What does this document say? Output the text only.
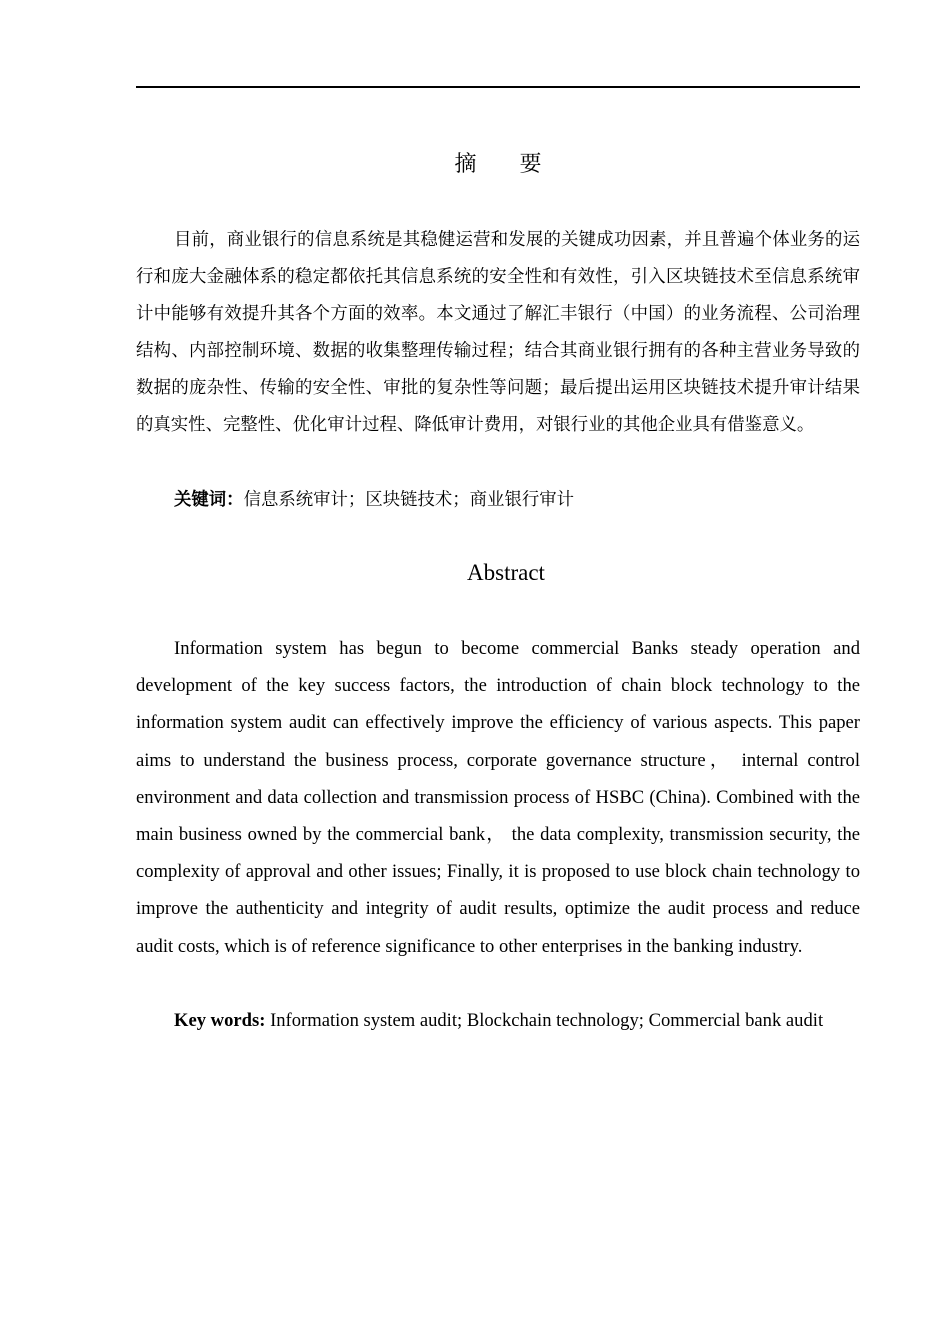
摘 要

目前，商业银行的信息系统是其稳健运营和发展的关键成功因素，并且普遍个体业务的运行和庞大金融体系的稳定都依托其信息系统的安全性和有效性，引入区块链技术至信息系统审计中能够有效提升其各个方面的效率。本文通过了解汇丰银行（中国）的业务流程、公司治理结构、内部控制环境、数据的收集整理传输过程；结合其商业银行拥有的各种主营业务导致的数据的庞杂性、传输的安全性、审批的复杂性等问题；最后提出运用区块链技术提升审计结果的真实性、完整性、优化审计过程、降低审计费用，对银行业的其他企业具有借鉴意义。

关键词：信息系统审计；区块链技术；商业银行审计

Abstract

Information system has begun to become commercial Banks steady operation and development of the key success factors, the introduction of chain block technology to the information system audit can effectively improve the efficiency of various aspects. This paper aims to understand the business process, corporate governance structure， internal control environment and data collection and transmission process of HSBC (China). Combined with the main business owned by the commercial bank， the data complexity, transmission security, the complexity of approval and other issues; Finally, it is proposed to use block chain technology to improve the authenticity and integrity of audit results, optimize the audit process and reduce audit costs, which is of reference significance to other enterprises in the banking industry.

Key words: Information system audit; Blockchain technology; Commercial bank audit
